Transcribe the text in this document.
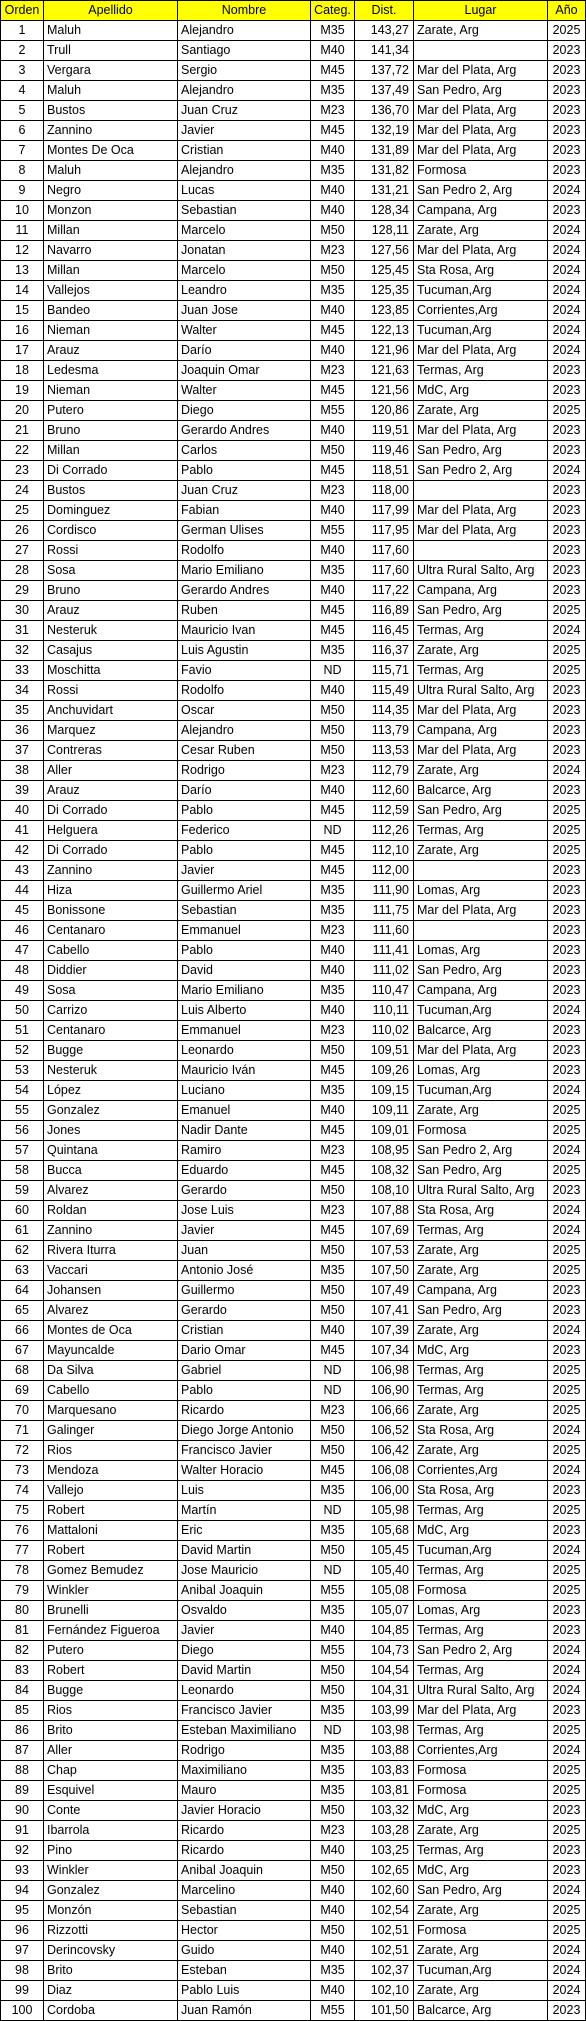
Orden	Apellido	Nombre	Categ.	Dist.	Lugar	Año
1	Maluh	Alejandro	M35	143,27	Zarate, Arg	2025
2	Trull	Santiago	M40	141,34		2023
3	Vergara	Sergio	M45	137,72	Mar del Plata, Arg	2023
4	Maluh	Alejandro	M35	137,49	San Pedro, Arg	2023
5	Bustos	Juan Cruz	M23	136,70	Mar del Plata, Arg	2023
6	Zannino	Javier	M45	132,19	Mar del Plata, Arg	2023
7	Montes De Oca	Cristian	M40	131,89	Mar del Plata, Arg	2023
8	Maluh	Alejandro	M35	131,82	Formosa	2023
9	Negro	Lucas	M40	131,21	San Pedro 2, Arg	2024
10	Monzon	Sebastian	M40	128,34	Campana, Arg	2023
11	Millan	Marcelo	M50	128,11	Zarate, Arg	2024
12	Navarro	Jonatan	M23	127,56	Mar del Plata, Arg	2024
13	Millan	Marcelo	M50	125,45	Sta Rosa, Arg	2024
14	Vallejos	Leandro	M35	125,35	Tucuman,Arg	2024
15	Bandeo	Juan Jose	M40	123,85	Corrientes,Arg	2024
16	Nieman	Walter	M45	122,13	Tucuman,Arg	2024
17	Arauz	Darío	M40	121,96	Mar del Plata, Arg	2024
18	Ledesma	Joaquin Omar	M23	121,63	Termas, Arg	2023
19	Nieman	Walter	M45	121,56	MdC, Arg	2023
20	Putero	Diego	M55	120,86	Zarate, Arg	2025
21	Bruno	Gerardo Andres	M40	119,51	Mar del Plata, Arg	2023
22	Millan	Carlos	M50	119,46	San Pedro, Arg	2023
23	Di Corrado	Pablo	M45	118,51	San Pedro 2, Arg	2024
24	Bustos	Juan Cruz	M23	118,00		2023
25	Dominguez	Fabian	M40	117,99	Mar del Plata, Arg	2023
26	Cordisco	German Ulises	M55	117,95	Mar del Plata, Arg	2023
27	Rossi	Rodolfo	M40	117,60		2023
28	Sosa	Mario Emiliano	M35	117,60	Ultra Rural Salto, Arg	2023
29	Bruno	Gerardo Andres	M40	117,22	Campana, Arg	2023
30	Arauz	Ruben	M45	116,89	San Pedro, Arg	2025
31	Nesteruk	Mauricio Ivan	M45	116,45	Termas, Arg	2024
32	Casajus	Luis Agustin	M35	116,37	Zarate, Arg	2025
33	Moschitta	Favio	ND	115,71	Termas, Arg	2025
34	Rossi	Rodolfo	M40	115,49	Ultra Rural Salto, Arg	2023
35	Anchuvidart	Oscar	M50	114,35	Mar del Plata, Arg	2023
36	Marquez	Alejandro	M50	113,79	Campana, Arg	2023
37	Contreras	Cesar Ruben	M50	113,53	Mar del Plata, Arg	2023
38	Aller	Rodrigo	M23	112,79	Zarate, Arg	2024
39	Arauz	Darío	M40	112,60	Balcarce, Arg	2023
40	Di Corrado	Pablo	M45	112,59	San Pedro, Arg	2025
41	Helguera	Federico	ND	112,26	Termas, Arg	2025
42	Di Corrado	Pablo	M45	112,10	Zarate, Arg	2025
43	Zannino	Javier	M45	112,00		2023
44	Hiza	Guillermo Ariel	M35	111,90	Lomas, Arg	2023
45	Bonissone	Sebastian	M35	111,75	Mar del Plata, Arg	2023
46	Centanaro	Emmanuel	M23	111,60		2023
47	Cabello	Pablo	M40	111,41	Lomas, Arg	2023
48	Diddier	David	M40	111,02	San Pedro, Arg	2023
49	Sosa	Mario Emiliano	M35	110,47	Campana, Arg	2023
50	Carrizo	Luis Alberto	M40	110,11	Tucuman,Arg	2024
51	Centanaro	Emmanuel	M23	110,02	Balcarce, Arg	2023
52	Bugge	Leonardo	M50	109,51	Mar del Plata, Arg	2023
53	Nesteruk	Mauricio Iván	M45	109,26	Lomas, Arg	2023
54	López	Luciano	M35	109,15	Tucuman,Arg	2024
55	Gonzalez	Emanuel	M40	109,11	Zarate, Arg	2025
56	Jones	Nadir Dante	M45	109,01	Formosa	2025
57	Quintana	Ramiro	M23	108,95	San Pedro 2, Arg	2024
58	Bucca	Eduardo	M45	108,32	San Pedro, Arg	2025
59	Alvarez	Gerardo	M50	108,10	Ultra Rural Salto, Arg	2023
60	Roldan	Jose Luis	M23	107,88	Sta Rosa, Arg	2024
61	Zannino	Javier	M45	107,69	Termas, Arg	2024
62	Rivera Iturra	Juan	M50	107,53	Zarate, Arg	2025
63	Vaccari	Antonio José	M35	107,50	Zarate, Arg	2025
64	Johansen	Guillermo	M50	107,49	Campana, Arg	2023
65	Alvarez	Gerardo	M50	107,41	San Pedro, Arg	2023
66	Montes de Oca	Cristian	M40	107,39	Zarate, Arg	2024
67	Mayuncalde	Dario Omar	M45	107,34	MdC, Arg	2023
68	Da Silva	Gabriel	ND	106,98	Termas, Arg	2025
69	Cabello	Pablo	ND	106,90	Termas, Arg	2025
70	Marquesano	Ricardo	M23	106,66	Zarate, Arg	2025
71	Galinger	Diego Jorge Antonio	M50	106,52	Sta Rosa, Arg	2024
72	Rios	Francisco Javier	M50	106,42	Zarate, Arg	2025
73	Mendoza	Walter Horacio	M45	106,08	Corrientes,Arg	2024
74	Vallejo	Luis	M35	106,00	Sta Rosa, Arg	2023
75	Robert	Martín	ND	105,98	Termas, Arg	2025
76	Mattaloni	Eric	M35	105,68	MdC, Arg	2023
77	Robert	David Martin	M50	105,45	Tucuman,Arg	2024
78	Gomez Bemudez	Jose Mauricio	ND	105,40	Termas, Arg	2025
79	Winkler	Anibal Joaquin	M55	105,08	Formosa	2025
80	Brunelli	Osvaldo	M35	105,07	Lomas, Arg	2023
81	Fernández Figueroa	Javier	M40	104,85	Termas, Arg	2023
82	Putero	Diego	M55	104,73	San Pedro 2, Arg	2024
83	Robert	David Martin	M50	104,54	Termas, Arg	2024
84	Bugge	Leonardo	M50	104,31	Ultra Rural Salto, Arg	2024
85	Rios	Francisco Javier	M35	103,99	Mar del Plata, Arg	2023
86	Brito	Esteban Maximiliano	ND	103,98	Termas, Arg	2025
87	Aller	Rodrigo	M35	103,88	Corrientes,Arg	2024
88	Chap	Maximiliano	M35	103,83	Formosa	2025
89	Esquivel	Mauro	M35	103,81	Formosa	2025
90	Conte	Javier Horacio	M50	103,32	MdC, Arg	2023
91	Ibarrola	Ricardo	M23	103,28	Zarate, Arg	2025
92	Pino	Ricardo	M40	103,25	Termas, Arg	2023
93	Winkler	Anibal Joaquin	M50	102,65	MdC, Arg	2023
94	Gonzalez	Marcelino	M40	102,60	San Pedro, Arg	2024
95	Monzón	Sebastian	M40	102,54	Zarate, Arg	2025
96	Rizzotti	Hector	M50	102,51	Formosa	2025
97	Derincovsky	Guido	M40	102,51	Zarate, Arg	2024
98	Brito	Esteban	M35	102,37	Tucuman,Arg	2024
99	Diaz	Pablo Luis	M40	102,10	Zarate, Arg	2024
100	Cordoba	Juan Ramón	M55	101,50	Balcarce, Arg	2023
